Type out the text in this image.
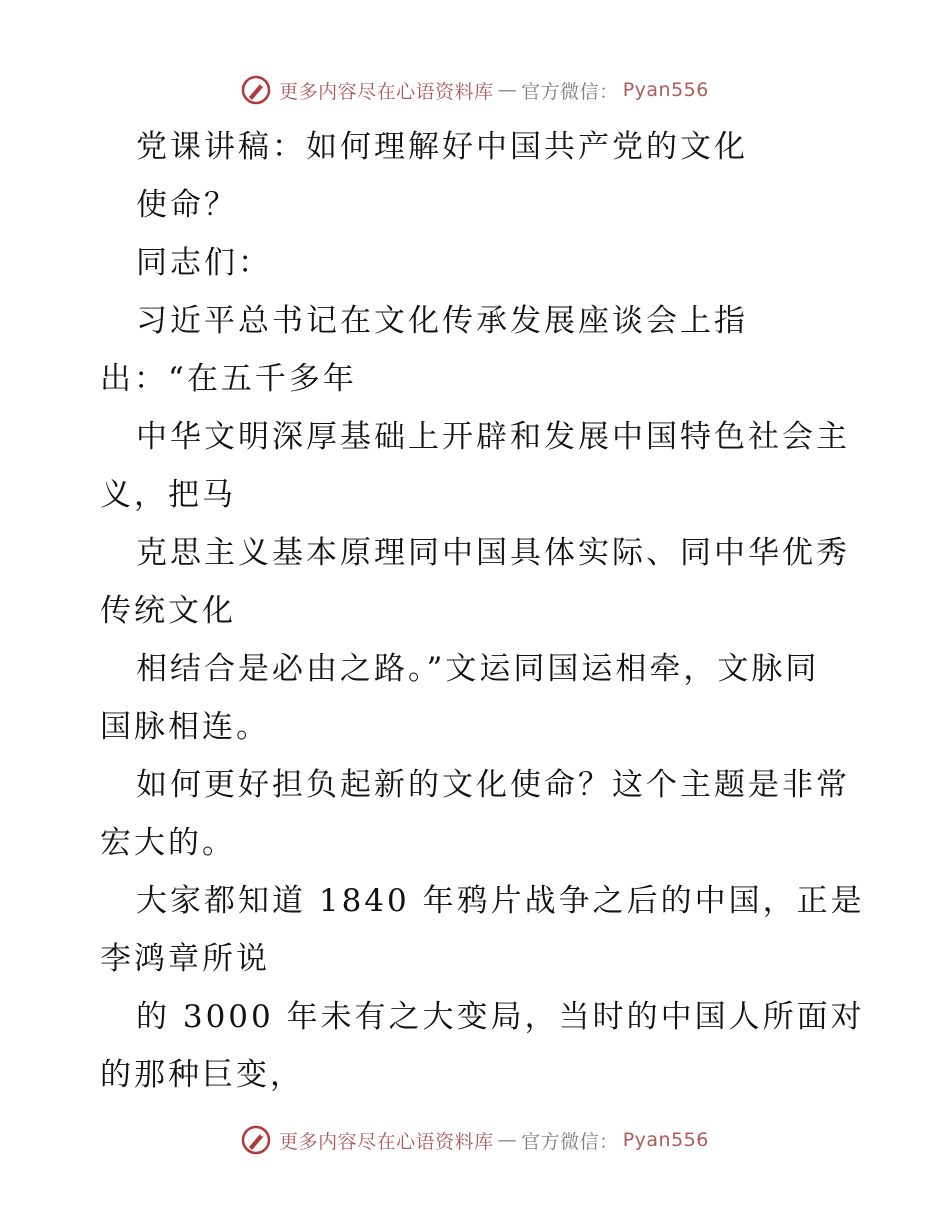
更多内容尽在心语资料库 — 官方微信： Pyan556
党课讲稿：如何理解好中国共产党的文化
使命？
同志们：
习近平总书记在文化传承发展座谈会上指
出：“在五千多年
中华文明深厚基础上开辟和发展中国特色社会主
义，把马
克思主义基本原理同中国具体实际、同中华优秀
传统文化
相结合是必由之路。”文运同国运相牵，文脉同
国脉相连。
如何更好担负起新的文化使命？这个主题是非常
宏大的。
大家都知道 1840 年鸦片战争之后的中国，正是
李鸿章所说
的 3000 年未有之大变局，当时的中国人所面对
的那种巨变，
更多内容尽在心语资料库 — 官方微信： Pyan556
